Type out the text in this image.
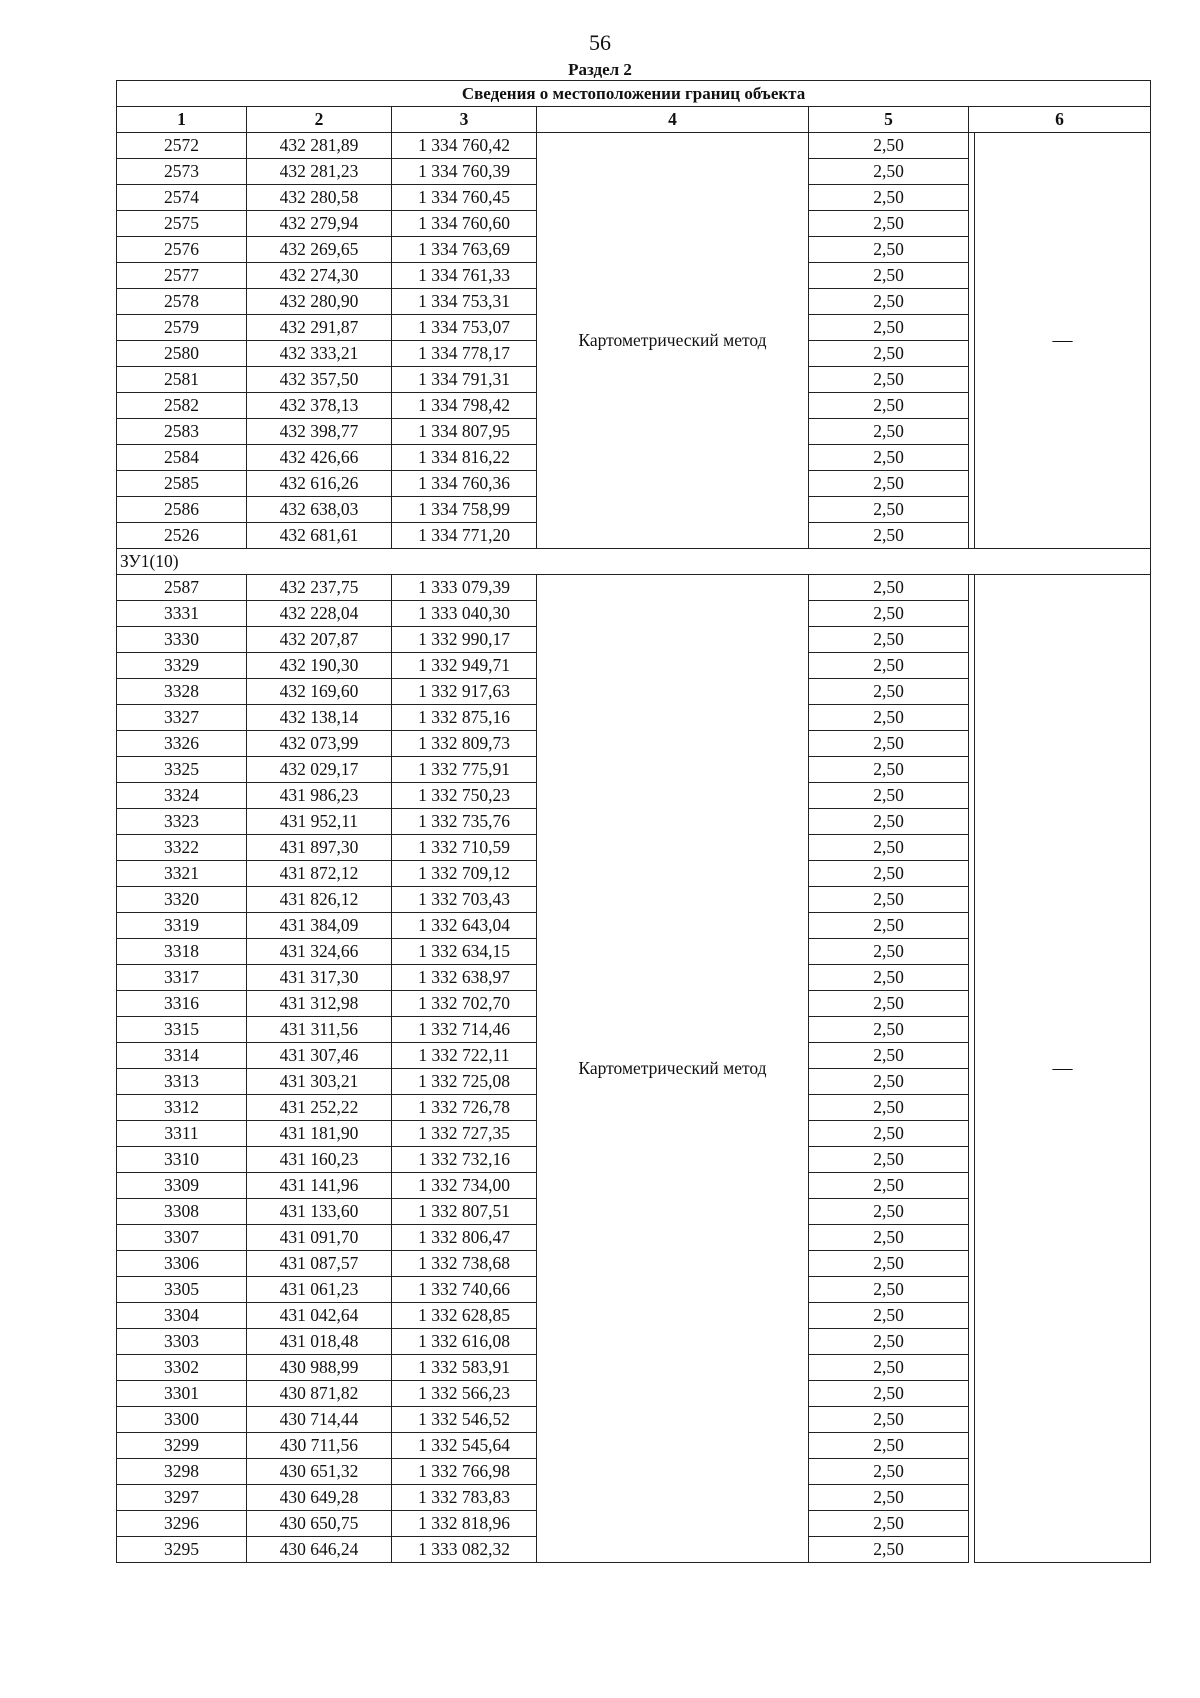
56
Раздел 2
Сведения о местоположении границ объекта						
1	2	3	4	5	6	
2572	432 281,89	1 334 760,42	Картометрический метод	2,50		—
2573	432 281,23	1 334 760,39		2,50		
2574	432 280,58	1 334 760,45		2,50		
2575	432 279,94	1 334 760,60		2,50		
2576	432 269,65	1 334 763,69		2,50		
2577	432 274,30	1 334 761,33		2,50		
2578	432 280,90	1 334 753,31		2,50		
2579	432 291,87	1 334 753,07		2,50		
2580	432 333,21	1 334 778,17		2,50		
2581	432 357,50	1 334 791,31		2,50		
2582	432 378,13	1 334 798,42		2,50		
2583	432 398,77	1 334 807,95		2,50		
2584	432 426,66	1 334 816,22		2,50		
2585	432 616,26	1 334 760,36		2,50		
2586	432 638,03	1 334 758,99		2,50		
2526	432 681,61	1 334 771,20		2,50		
ЗУ1(10)						
2587	432 237,75	1 333 079,39	Картометрический метод	2,50		—
3331	432 228,04	1 333 040,30		2,50		
3330	432 207,87	1 332 990,17		2,50		
3329	432 190,30	1 332 949,71		2,50		
3328	432 169,60	1 332 917,63		2,50		
3327	432 138,14	1 332 875,16		2,50		
3326	432 073,99	1 332 809,73		2,50		
3325	432 029,17	1 332 775,91		2,50		
3324	431 986,23	1 332 750,23		2,50		
3323	431 952,11	1 332 735,76		2,50		
3322	431 897,30	1 332 710,59		2,50		
3321	431 872,12	1 332 709,12		2,50		
3320	431 826,12	1 332 703,43		2,50		
3319	431 384,09	1 332 643,04		2,50		
3318	431 324,66	1 332 634,15		2,50		
3317	431 317,30	1 332 638,97		2,50		
3316	431 312,98	1 332 702,70		2,50		
3315	431 311,56	1 332 714,46		2,50		
3314	431 307,46	1 332 722,11		2,50		
3313	431 303,21	1 332 725,08		2,50		
3312	431 252,22	1 332 726,78		2,50		
3311	431 181,90	1 332 727,35		2,50		
3310	431 160,23	1 332 732,16		2,50		
3309	431 141,96	1 332 734,00		2,50		
3308	431 133,60	1 332 807,51		2,50		
3307	431 091,70	1 332 806,47		2,50		
3306	431 087,57	1 332 738,68		2,50		
3305	431 061,23	1 332 740,66		2,50		
3304	431 042,64	1 332 628,85		2,50		
3303	431 018,48	1 332 616,08		2,50		
3302	430 988,99	1 332 583,91		2,50		
3301	430 871,82	1 332 566,23		2,50		
3300	430 714,44	1 332 546,52		2,50		
3299	430 711,56	1 332 545,64		2,50		
3298	430 651,32	1 332 766,98		2,50		
3297	430 649,28	1 332 783,83		2,50		
3296	430 650,75	1 332 818,96		2,50		
3295	430 646,24	1 333 082,32		2,50		
